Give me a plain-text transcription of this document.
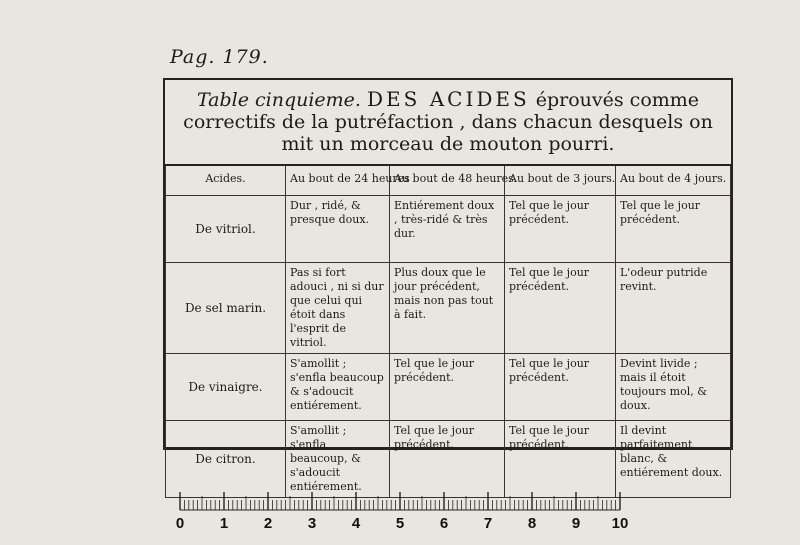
Pag. 179.
Table cinquieme. DES ACIDES éprouvés comme correctifs de la putréfaction , dans chacun desquels on mit un morceau de mouton pourri.
Acides.	Au bout de 24 heures	Au bout de 48 heures	Au bout de 3 jours.	Au bout de 4 jours.
De vitriol.	Dur , ridé, & presque doux.	Entiérement doux , très-ridé & très dur.	Tel que le jour précédent.	Tel que le jour précédent.
De sel marin.	Pas si fort adouci , ni si dur que celui qui étoit dans l'esprit de vitriol.	Plus doux que le jour précédent, mais non pas tout à fait.	Tel que le jour précédent.	L'odeur putride revint.
De vinaigre.	S'amollit ; s'enfla beaucoup & s'adoucit entiérement.	Tel que le jour précédent.	Tel que le jour précédent.	Devint livide ; mais il étoit toujours mol, & doux.
De citron.	S'amollit ; s'enfla beaucoup, & s'adoucit entiérement.	Tel que le jour précédent.	Tel que le jour précédent.	Il devint parfaitement blanc, & entiérement doux.
0 1 2 3 4 5 6 7 8 9 10
